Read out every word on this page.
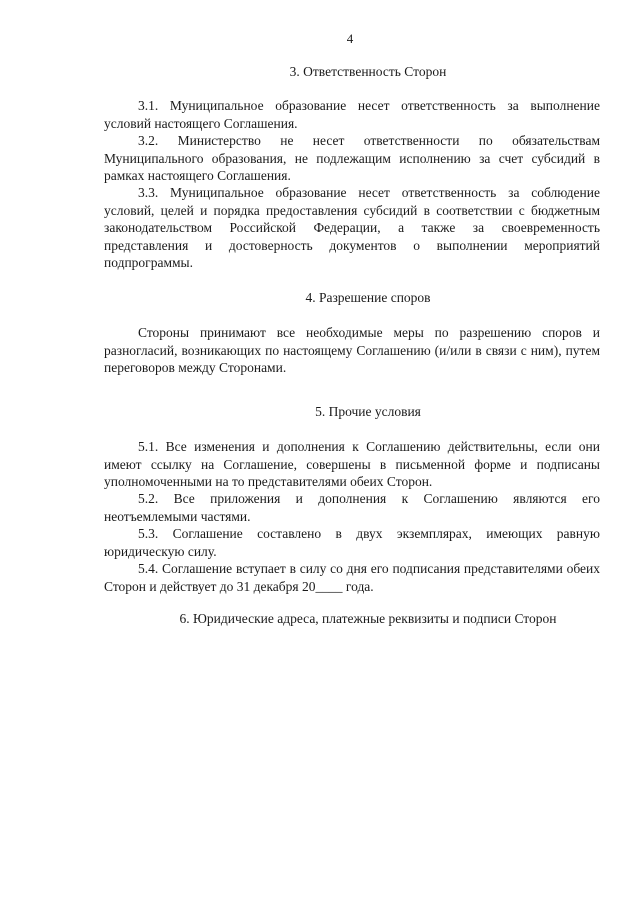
4
3. Ответственность Сторон

3.1. Муниципальное образование несет ответственность за выполнение условий настоящего Соглашения.

3.2. Министерство не несет ответственности по обязательствам Муниципального образования, не подлежащим исполнению за счет субсидий в рамках настоящего Соглашения.

3.3. Муниципальное образование несет ответственность за соблюдение условий, целей и порядка предоставления субсидий в соответствии с бюджетным законодательством Российской Федерации, а также за своевременность представления и достоверность документов о выполнении мероприятий подпрограммы.

4. Разрешение споров

Стороны принимают все необходимые меры по разрешению споров и разногласий, возникающих по настоящему Соглашению (и/или в связи с ним), путем переговоров между Сторонами.

5. Прочие условия

5.1. Все изменения и дополнения к Соглашению действительны, если они имеют ссылку на Соглашение, совершены в письменной форме и подписаны уполномоченными на то представителями обеих Сторон.

5.2. Все приложения и дополнения к Соглашению являются его неотъемлемыми частями.

5.3. Соглашение составлено в двух экземплярах, имеющих равную юридическую силу.

5.4. Соглашение вступает в силу со дня его подписания представителями обеих Сторон и действует до 31 декабря 20____ года.

6. Юридические адреса, платежные реквизиты и подписи Сторон
